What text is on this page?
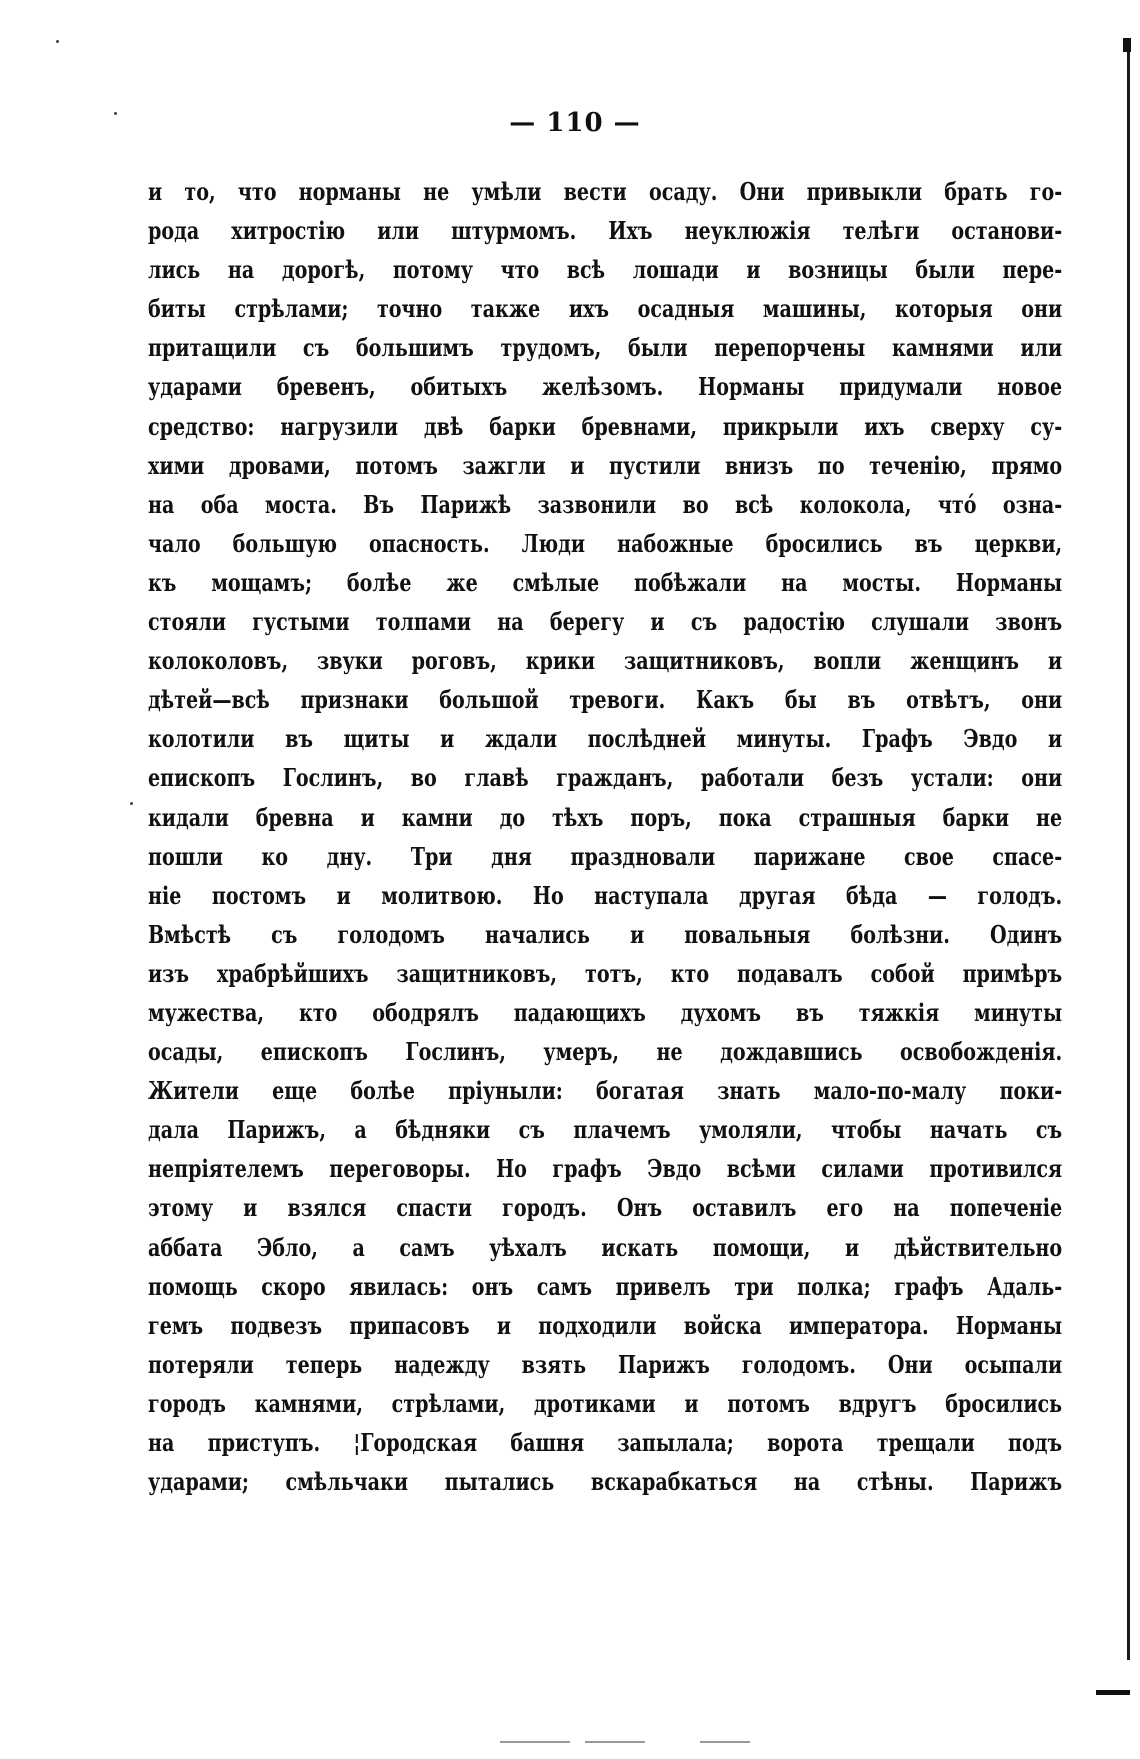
— 110 —
и то, что норманы не умѣли вести осаду. Они привыкли брать го-
рода хитростію или штурмомъ. Ихъ неуклюжія телѣги останови-
лись на дорогѣ, потому что всѣ лошади и возницы были пере-
биты стрѣлами; точно также ихъ осадныя машины, которыя они
притащили съ большимъ трудомъ, были перепорчены камнями или
ударами бревенъ, обитыхъ желѣзомъ. Норманы придумали новое
средство: нагрузили двѣ барки бревнами, прикрыли ихъ сверху су-
хими дровами, потомъ зажгли и пустили внизъ по теченію, прямо
на оба моста. Въ Парижѣ зазвонили во всѣ колокола, что́ озна-
чало большую опасность. Люди набожные бросились въ церкви,
къ мощамъ; болѣе же смѣлые побѣжали на мосты. Норманы
стояли густыми толпами на берегу и съ радостію слушали звонъ
колоколовъ, звуки роговъ, крики защитниковъ, вопли женщинъ и
дѣтей—всѣ признаки большой тревоги. Какъ бы въ отвѣтъ, они
колотили въ щиты и ждали послѣдней минуты. Графъ Эвдо и
епископъ Гослинъ, во главѣ гражданъ, работали безъ устали: они
кидали бревна и камни до тѣхъ поръ, пока страшныя барки не
пошли ко дну. Три дня праздновали парижане свое спасе-
ніе постомъ и молитвою. Но наступала другая бѣда — голодъ.
Вмѣстѣ съ голодомъ начались и повальныя болѣзни. Одинъ
изъ храбрѣйшихъ защитниковъ, тотъ, кто подавалъ собой примѣръ
мужества, кто ободрялъ падающихъ духомъ въ тяжкія минуты
осады, епископъ Гослинъ, умеръ, не дождавшись освобожденія.
Жители еще болѣе пріуныли: богатая знать мало-по-малу поки-
дала Парижъ, а бѣдняки съ плачемъ умоляли, чтобы начать съ
непріятелемъ переговоры. Но графъ Эвдо всѣми силами противился
этому и взялся спасти городъ. Онъ оставилъ его на попеченіе
аббата Эбло, а самъ уѣхалъ искать помощи, и дѣйствительно
помощь скоро явилась: онъ самъ привелъ три полка; графъ Адаль-
гемъ подвезъ припасовъ и подходили войска императора. Норманы
потеряли теперь надежду взять Парижъ голодомъ. Они осыпали
городъ камнями, стрѣлами, дротиками и потомъ вдругъ бросились
на приступъ. ¦Городская башня запылала; ворота трещали подъ
ударами; смѣльчаки пытались вскарабкаться на стѣны. Парижъ
